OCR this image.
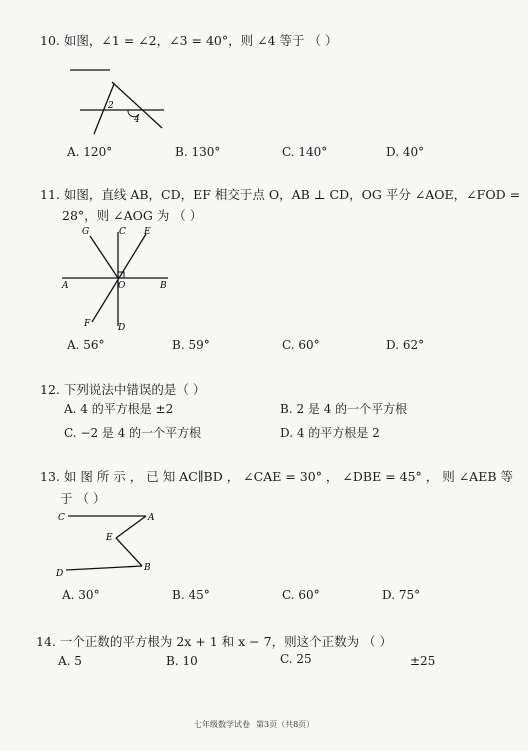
10. 如图，∠1 = ∠2，∠3 = 40°，则 ∠4 等于 （ ）
2
4
A. 120°	B. 130°	C. 140°	D. 40°
11. 如图，直线 AB，CD，EF 相交于点 O，AB ⊥ CD，OG 平分 ∠AOE，∠FOD =
28°，则 ∠AOG 为 （ ）
G	C E
A	O	B
F	D
A. 56°	B. 59°	C. 60°	D. 62°
12. 下列说法中错误的是（ ）
A. 4 的平方根是 ±2	B. 2 是 4 的一个平方根
C. −2 是 4 的一个平方根	D. 4 的平方根是 2
13. 如 图 所 示 ， 已 知 AC∥BD ， ∠CAE = 30° ， ∠DBE = 45° ， 则 ∠AEB 等
于 （ ）
C	A
E
D
B
A. 30°	B. 45°	C. 60°	D. 75°
14. 一个正数的平方根为 2x + 1 和 x − 7，则这个正数为 （ ）
A. 5	B. 10	C. 25	±25
七年级数学试卷 第3页（共8页）
